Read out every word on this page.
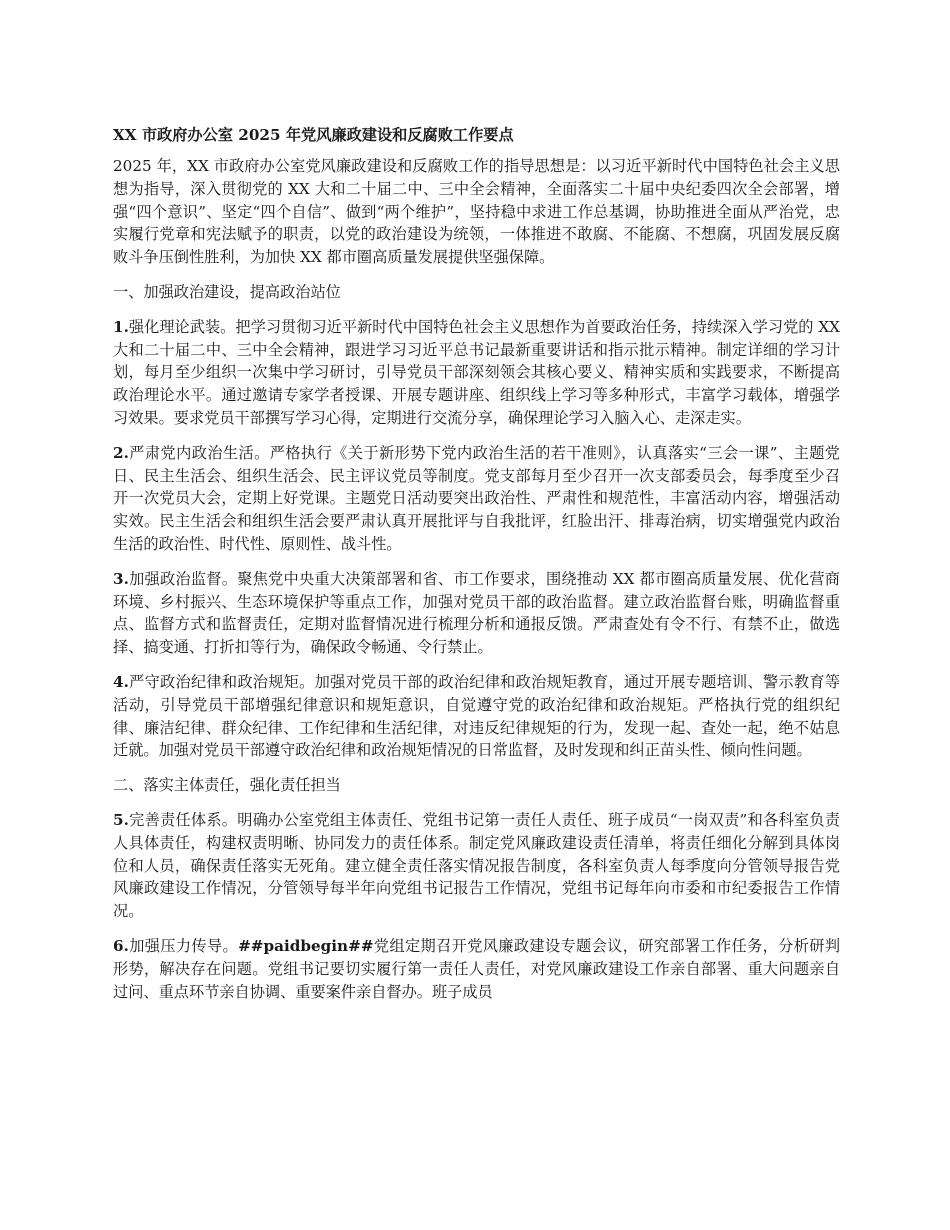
XX 市政府办公室 2025 年党风廉政建设和反腐败工作要点

2025 年，XX 市政府办公室党风廉政建设和反腐败工作的指导思想是：以习近平新时代中国特色社会主义思想为指导，深入贯彻党的 XX 大和二十届二中、三中全会精神，全面落实二十届中央纪委四次全会部署，增强“四个意识”、坚定“四个自信”、做到“两个维护”，坚持稳中求进工作总基调，协助推进全面从严治党，忠实履行党章和宪法赋予的职责，以党的政治建设为统领，一体推进不敢腐、不能腐、不想腐，巩固发展反腐败斗争压倒性胜利，为加快 XX 都市圈高质量发展提供坚强保障。

一、加强政治建设，提高政治站位

1.强化理论武装。把学习贯彻习近平新时代中国特色社会主义思想作为首要政治任务，持续深入学习党的 XX 大和二十届二中、三中全会精神，跟进学习习近平总书记最新重要讲话和指示批示精神。制定详细的学习计划，每月至少组织一次集中学习研讨，引导党员干部深刻领会其核心要义、精神实质和实践要求，不断提高政治理论水平。通过邀请专家学者授课、开展专题讲座、组织线上学习等多种形式，丰富学习载体，增强学习效果。要求党员干部撰写学习心得，定期进行交流分享，确保理论学习入脑入心、走深走实。

2.严肃党内政治生活。严格执行《关于新形势下党内政治生活的若干准则》，认真落实“三会一课”、主题党日、民主生活会、组织生活会、民主评议党员等制度。党支部每月至少召开一次支部委员会，每季度至少召开一次党员大会，定期上好党课。主题党日活动要突出政治性、严肃性和规范性，丰富活动内容，增强活动实效。民主生活会和组织生活会要严肃认真开展批评与自我批评，红脸出汗、排毒治病，切实增强党内政治生活的政治性、时代性、原则性、战斗性。

3.加强政治监督。聚焦党中央重大决策部署和省、市工作要求，围绕推动 XX 都市圈高质量发展、优化营商环境、乡村振兴、生态环境保护等重点工作，加强对党员干部的政治监督。建立政治监督台账，明确监督重点、监督方式和监督责任，定期对监督情况进行梳理分析和通报反馈。严肃查处有令不行、有禁不止，做选择、搞变通、打折扣等行为，确保政令畅通、令行禁止。

4.严守政治纪律和政治规矩。加强对党员干部的政治纪律和政治规矩教育，通过开展专题培训、警示教育等活动，引导党员干部增强纪律意识和规矩意识，自觉遵守党的政治纪律和政治规矩。严格执行党的组织纪律、廉洁纪律、群众纪律、工作纪律和生活纪律，对违反纪律规矩的行为，发现一起、查处一起，绝不姑息迁就。加强对党员干部遵守政治纪律和政治规矩情况的日常监督，及时发现和纠正苗头性、倾向性问题。

二、落实主体责任，强化责任担当

5.完善责任体系。明确办公室党组主体责任、党组书记第一责任人责任、班子成员“一岗双责”和各科室负责人具体责任，构建权责明晰、协同发力的责任体系。制定党风廉政建设责任清单，将责任细化分解到具体岗位和人员，确保责任落实无死角。建立健全责任落实情况报告制度，各科室负责人每季度向分管领导报告党风廉政建设工作情况，分管领导每半年向党组书记报告工作情况，党组书记每年向市委和市纪委报告工作情况。

6.加强压力传导。##paidbegin##党组定期召开党风廉政建设专题会议，研究部署工作任务，分析研判形势，解决存在问题。党组书记要切实履行第一责任人责任，对党风廉政建设工作亲自部署、重大问题亲自过问、重点环节亲自协调、重要案件亲自督办。班子成员
